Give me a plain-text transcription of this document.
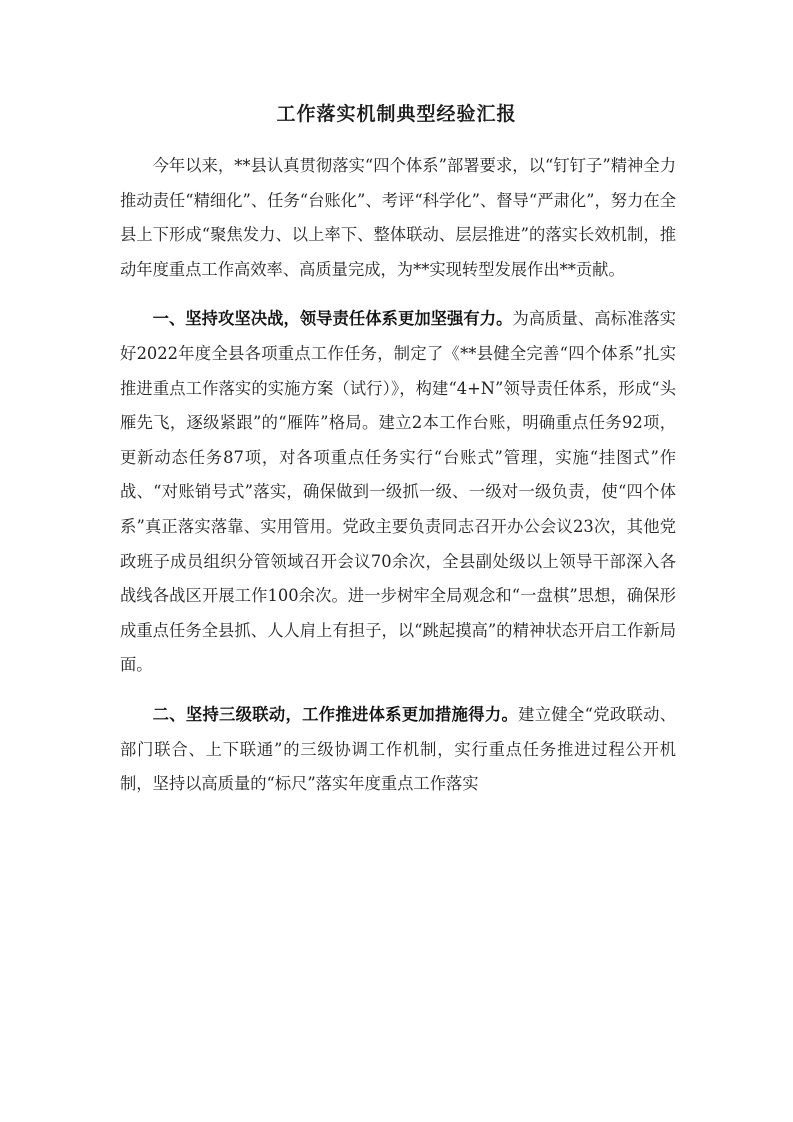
工作落实机制典型经验汇报

今年以来，**县认真贯彻落实“四个体系”部署要求，以“钉钉子”精神全力推动责任“精细化”、任务“台账化”、考评“科学化”、督导“严肃化”，努力在全县上下形成“聚焦发力、以上率下、整体联动、层层推进”的落实长效机制，推动年度重点工作高效率、高质量完成，为**实现转型发展作出**贡献。

一、坚持攻坚决战，领导责任体系更加坚强有力。为高质量、高标准落实好2022年度全县各项重点工作任务，制定了《**县健全完善“四个体系”扎实推进重点工作落实的实施方案（试行）》，构建“4+N”领导责任体系，形成“头雁先飞，逐级紧跟”的“雁阵”格局。建立2本工作台账，明确重点任务92项，更新动态任务87项，对各项重点任务实行“台账式”管理，实施“挂图式”作战、“对账销号式”落实，确保做到一级抓一级、一级对一级负责，使“四个体系”真正落实落靠、实用管用。党政主要负责同志召开办公会议23次，其他党政班子成员组织分管领域召开会议70余次，全县副处级以上领导干部深入各战线各战区开展工作100余次。进一步树牢全局观念和“一盘棋”思想，确保形成重点任务全县抓、人人肩上有担子，以“跳起摸高”的精神状态开启工作新局面。

二、坚持三级联动，工作推进体系更加措施得力。建立健全“党政联动、部门联合、上下联通”的三级协调工作机制，实行重点任务推进过程公开机制，坚持以高质量的“标尺”落实年度重点工作落实
